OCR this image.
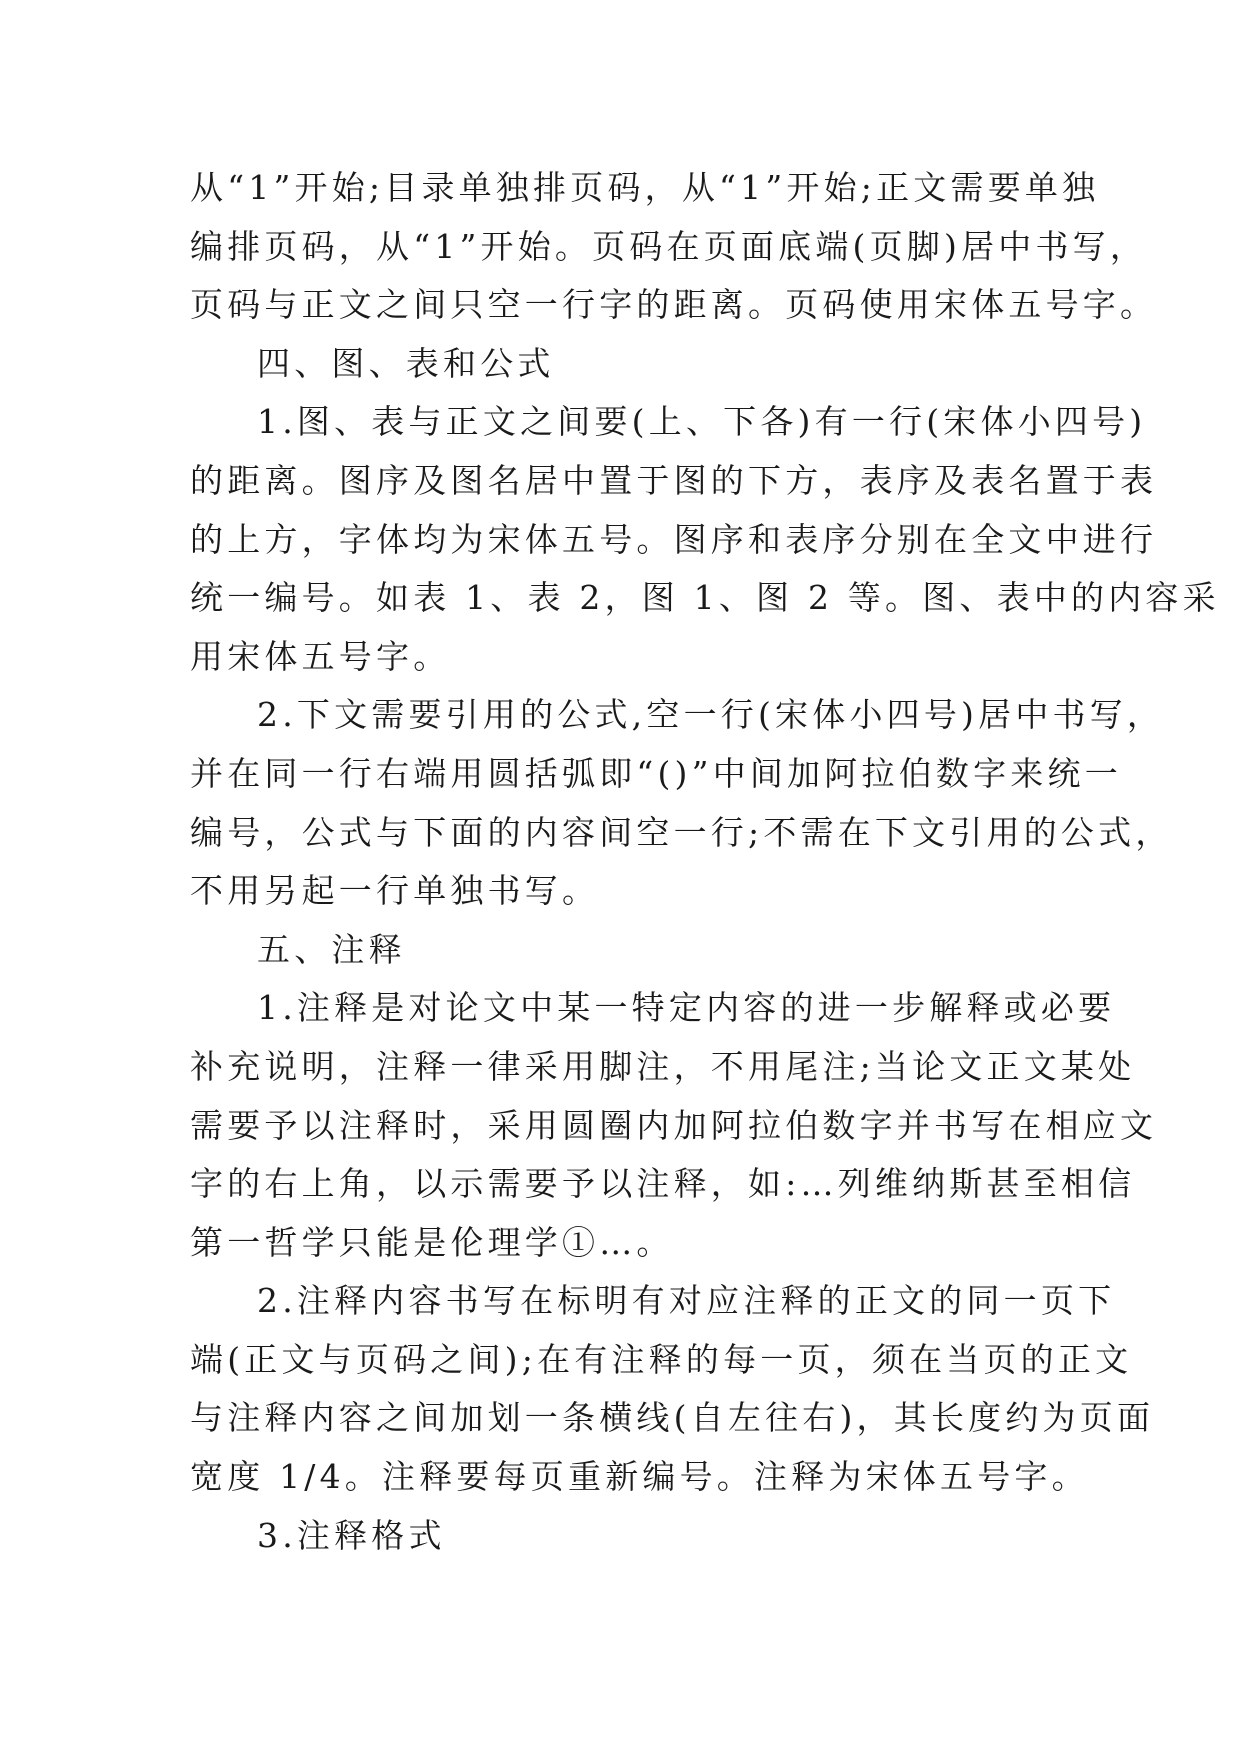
从“1”开始;目录单独排页码，从“1”开始;正文需要单独
编排页码，从“1”开始。页码在页面底端(页脚)居中书写，
页码与正文之间只空一行字的距离。页码使用宋体五号字。
四、图、表和公式
1.图、表与正文之间要(上、下各)有一行(宋体小四号)
的距离。图序及图名居中置于图的下方，表序及表名置于表
的上方，字体均为宋体五号。图序和表序分别在全文中进行
统一编号。如表 1、表 2，图 1、图 2 等。图、表中的内容采
用宋体五号字。
2.下文需要引用的公式,空一行(宋体小四号)居中书写，
并在同一行右端用圆括弧即“()”中间加阿拉伯数字来统一
编号，公式与下面的内容间空一行;不需在下文引用的公式，
不用另起一行单独书写。
五、注释
1.注释是对论文中某一特定内容的进一步解释或必要
补充说明，注释一律采用脚注，不用尾注;当论文正文某处
需要予以注释时，采用圆圈内加阿拉伯数字并书写在相应文
字的右上角，以示需要予以注释，如:…列维纳斯甚至相信
第一哲学只能是伦理学①…。
2.注释内容书写在标明有对应注释的正文的同一页下
端(正文与页码之间);在有注释的每一页，须在当页的正文
与注释内容之间加划一条横线(自左往右)，其长度约为页面
宽度 1/4。注释要每页重新编号。注释为宋体五号字。
3.注释格式
